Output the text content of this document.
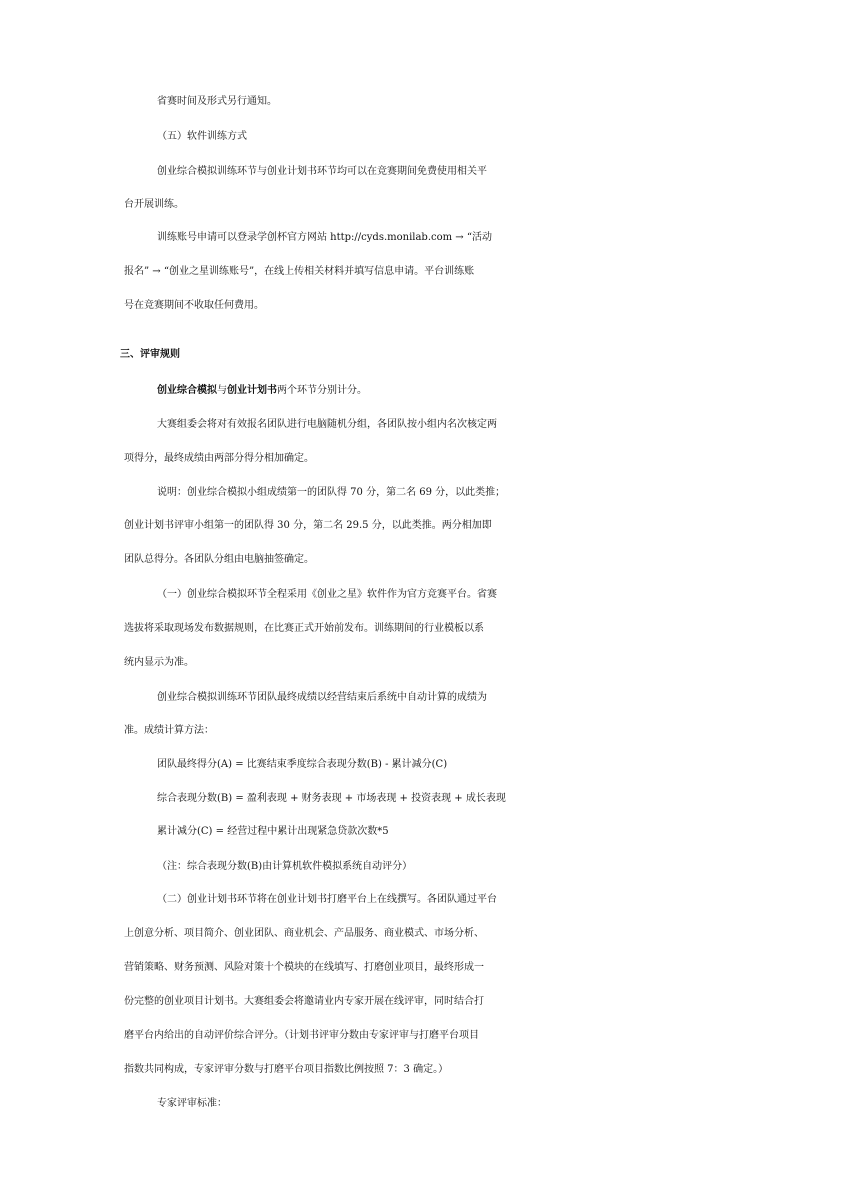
省赛时间及形式另行通知。
（五）软件训练方式
创业综合模拟训练环节与创业计划书环节均可以在竞赛期间免费使用相关平
台开展训练。
训练账号申请可以登录学创杯官方网站 http://cyds.monilab.com → “活动
报名” → “创业之星训练账号”，在线上传相关材料并填写信息申请。平台训练账
号在竞赛期间不收取任何费用。
三、评审规则
创业综合模拟与创业计划书两个环节分别计分。
大赛组委会将对有效报名团队进行电脑随机分组，各团队按小组内名次核定两
项得分，最终成绩由两部分得分相加确定。
说明：创业综合模拟小组成绩第一的团队得 70 分，第二名 69 分，以此类推；
创业计划书评审小组第一的团队得 30 分，第二名 29.5 分，以此类推。两分相加即
团队总得分。各团队分组由电脑抽签确定。
（一）创业综合模拟环节全程采用《创业之星》软件作为官方竞赛平台。省赛
选拔将采取现场发布数据规则，在比赛正式开始前发布。训练期间的行业模板以系
统内显示为准。
创业综合模拟训练环节团队最终成绩以经营结束后系统中自动计算的成绩为
准。成绩计算方法：
团队最终得分(A) = 比赛结束季度综合表现分数(B) - 累计减分(C)
综合表现分数(B) = 盈利表现 + 财务表现 + 市场表现 + 投资表现 + 成长表现
累计减分(C) = 经营过程中累计出现紧急贷款次数*5
（注：综合表现分数(B)由计算机软件模拟系统自动评分）
（二）创业计划书环节将在创业计划书打磨平台上在线撰写。各团队通过平台
上创意分析、项目简介、创业团队、商业机会、产品服务、商业模式、市场分析、
营销策略、财务预测、风险对策十个模块的在线填写、打磨创业项目，最终形成一
份完整的创业项目计划书。大赛组委会将邀请业内专家开展在线评审，同时结合打
磨平台内给出的自动评价综合评分。（计划书评审分数由专家评审与打磨平台项目
指数共同构成，专家评审分数与打磨平台项目指数比例按照 7：3 确定。）
专家评审标准：
